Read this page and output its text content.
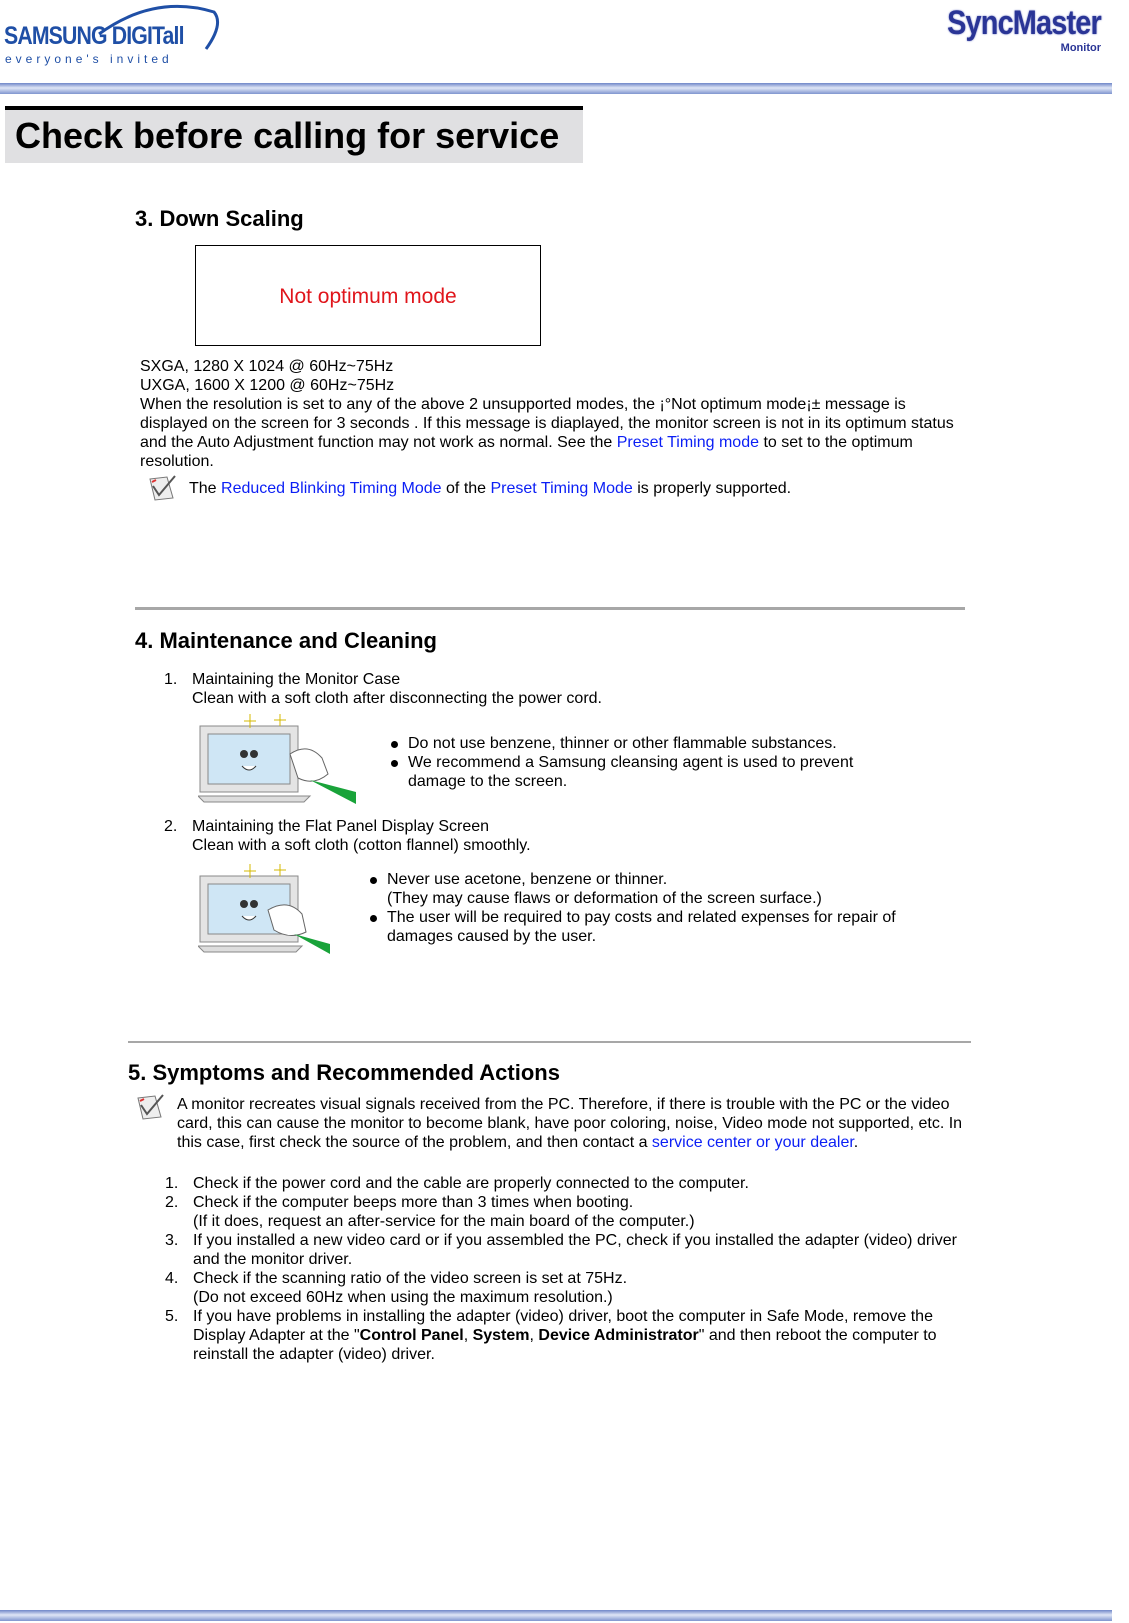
SAMSUNG DIGITall
everyone's invited
SyncMaster
Monitor
Check before calling for service
3. Down Scaling
Not optimum mode
SXGA, 1280 X 1024 @ 60Hz~75Hz
UXGA, 1600 X 1200 @ 60Hz~75Hz
When the resolution is set to any of the above 2 unsupported modes, the ¡°Not optimum mode¡± message is displayed on the screen for 3 seconds . If this message is diaplayed, the monitor screen is not in its optimum status and the Auto Adjustment function may not work as normal. See the Preset Timing mode to set to the optimum resolution.
The Reduced Blinking Timing Mode of the Preset Timing Mode is properly supported.
4. Maintenance and Cleaning
1. Maintaining the Monitor Case
Clean with a soft cloth after disconnecting the power cord.
Do not use benzene, thinner or other flammable substances.
We recommend a Samsung cleansing agent is used to prevent damage to the screen.
2. Maintaining the Flat Panel Display Screen
Clean with a soft cloth (cotton flannel) smoothly.
Never use acetone, benzene or thinner.
(They may cause flaws or deformation of the screen surface.)
The user will be required to pay costs and related expenses for repair of damages caused by the user.
5. Symptoms and Recommended Actions
A monitor recreates visual signals received from the PC. Therefore, if there is trouble with the PC or the video card, this can cause the monitor to become blank, have poor coloring, noise, Video mode not supported, etc. In this case, first check the source of the problem, and then contact a service center or your dealer.
1. Check if the power cord and the cable are properly connected to the computer.
2. Check if the computer beeps more than 3 times when booting.
(If it does, request an after-service for the main board of the computer.)
3. If you installed a new video card or if you assembled the PC, check if you installed the adapter (video) driver and the monitor driver.
4. Check if the scanning ratio of the video screen is set at 75Hz.
(Do not exceed 60Hz when using the maximum resolution.)
5. If you have problems in installing the adapter (video) driver, boot the computer in Safe Mode, remove the Display Adapter at the "Control Panel, System, Device Administrator" and then reboot the computer to reinstall the adapter (video) driver.
